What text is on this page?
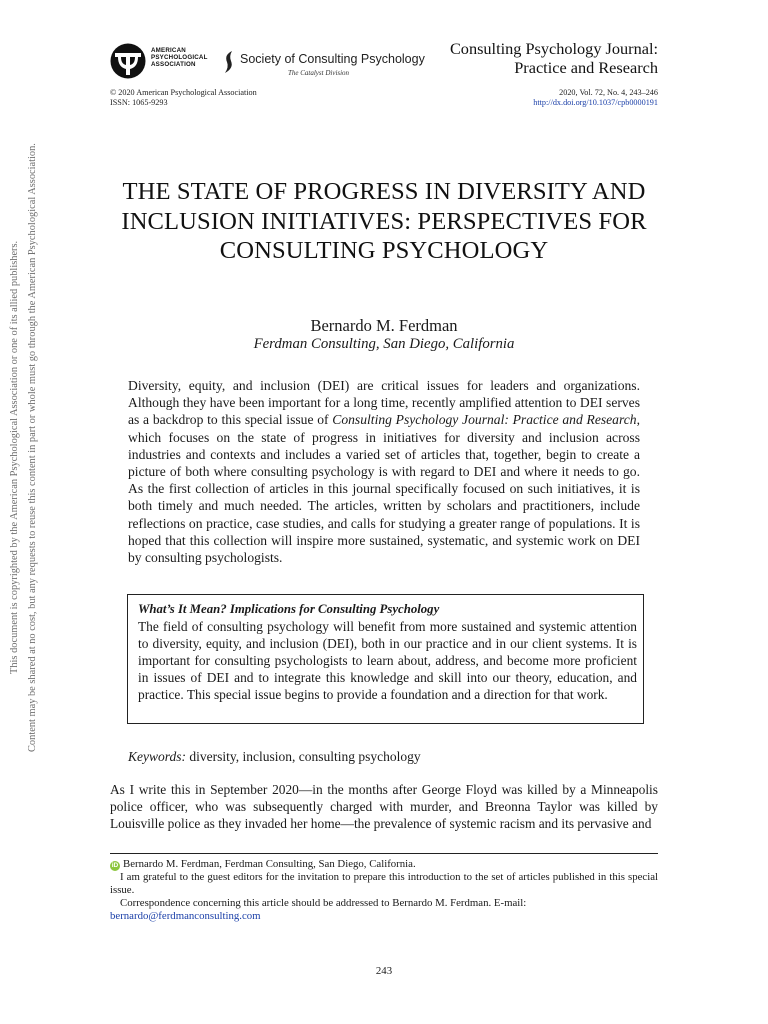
This document is copyrighted by the American Psychological Association or one of its allied publishers. Content may be shared at no cost, but any requests to reuse this content in part or whole must go through the American Psychological Association.
AMERICAN
PSYCHOLOGICAL
ASSOCIATION	Society of Consulting Psychology
The Catalyst Division
Consulting Psychology Journal:
Practice and Research
© 2020 American Psychological Association
ISSN: 1065-9293
2020, Vol. 72, No. 4, 243–246
http://dx.doi.org/10.1037/cpb0000191
THE STATE OF PROGRESS IN DIVERSITY AND INCLUSION INITIATIVES: PERSPECTIVES FOR CONSULTING PSYCHOLOGY
Bernardo M. Ferdman
Ferdman Consulting, San Diego, California
Diversity, equity, and inclusion (DEI) are critical issues for leaders and organizations. Although they have been important for a long time, recently amplified attention to DEI serves as a backdrop to this special issue of Consulting Psychology Journal: Practice and Research, which focuses on the state of progress in initiatives for diversity and inclusion across industries and contexts and includes a varied set of articles that, together, begin to create a picture of both where consulting psychology is with regard to DEI and where it needs to go. As the first collection of articles in this journal specifically focused on such initiatives, it is both timely and much needed. The articles, written by scholars and practitioners, include reflections on practice, case studies, and calls for studying a greater range of populations. It is hoped that this collection will inspire more sustained, systematic, and systemic work on DEI by consulting psychologists.
What’s It Mean? Implications for Consulting Psychology
The field of consulting psychology will benefit from more sustained and systemic attention to diversity, equity, and inclusion (DEI), both in our practice and in our client systems. It is important for consulting psychologists to learn about, address, and become more proficient in issues of DEI and to integrate this knowledge and skill into our theory, education, and practice. This special issue begins to provide a foundation and a direction for that work.
Keywords: diversity, inclusion, consulting psychology
As I write this in September 2020—in the months after George Floyd was killed by a Minneapolis police officer, who was subsequently charged with murder, and Breonna Taylor was killed by Louisville police as they invaded her home—the prevalence of systemic racism and its pervasive and

iD Bernardo M. Ferdman, Ferdman Consulting, San Diego, California.

I am grateful to the guest editors for the invitation to prepare this introduction to the set of articles published in this special issue.

Correspondence concerning this article should be addressed to Bernardo M. Ferdman. E-mail:
bernardo@ferdmanconsulting.com

243
